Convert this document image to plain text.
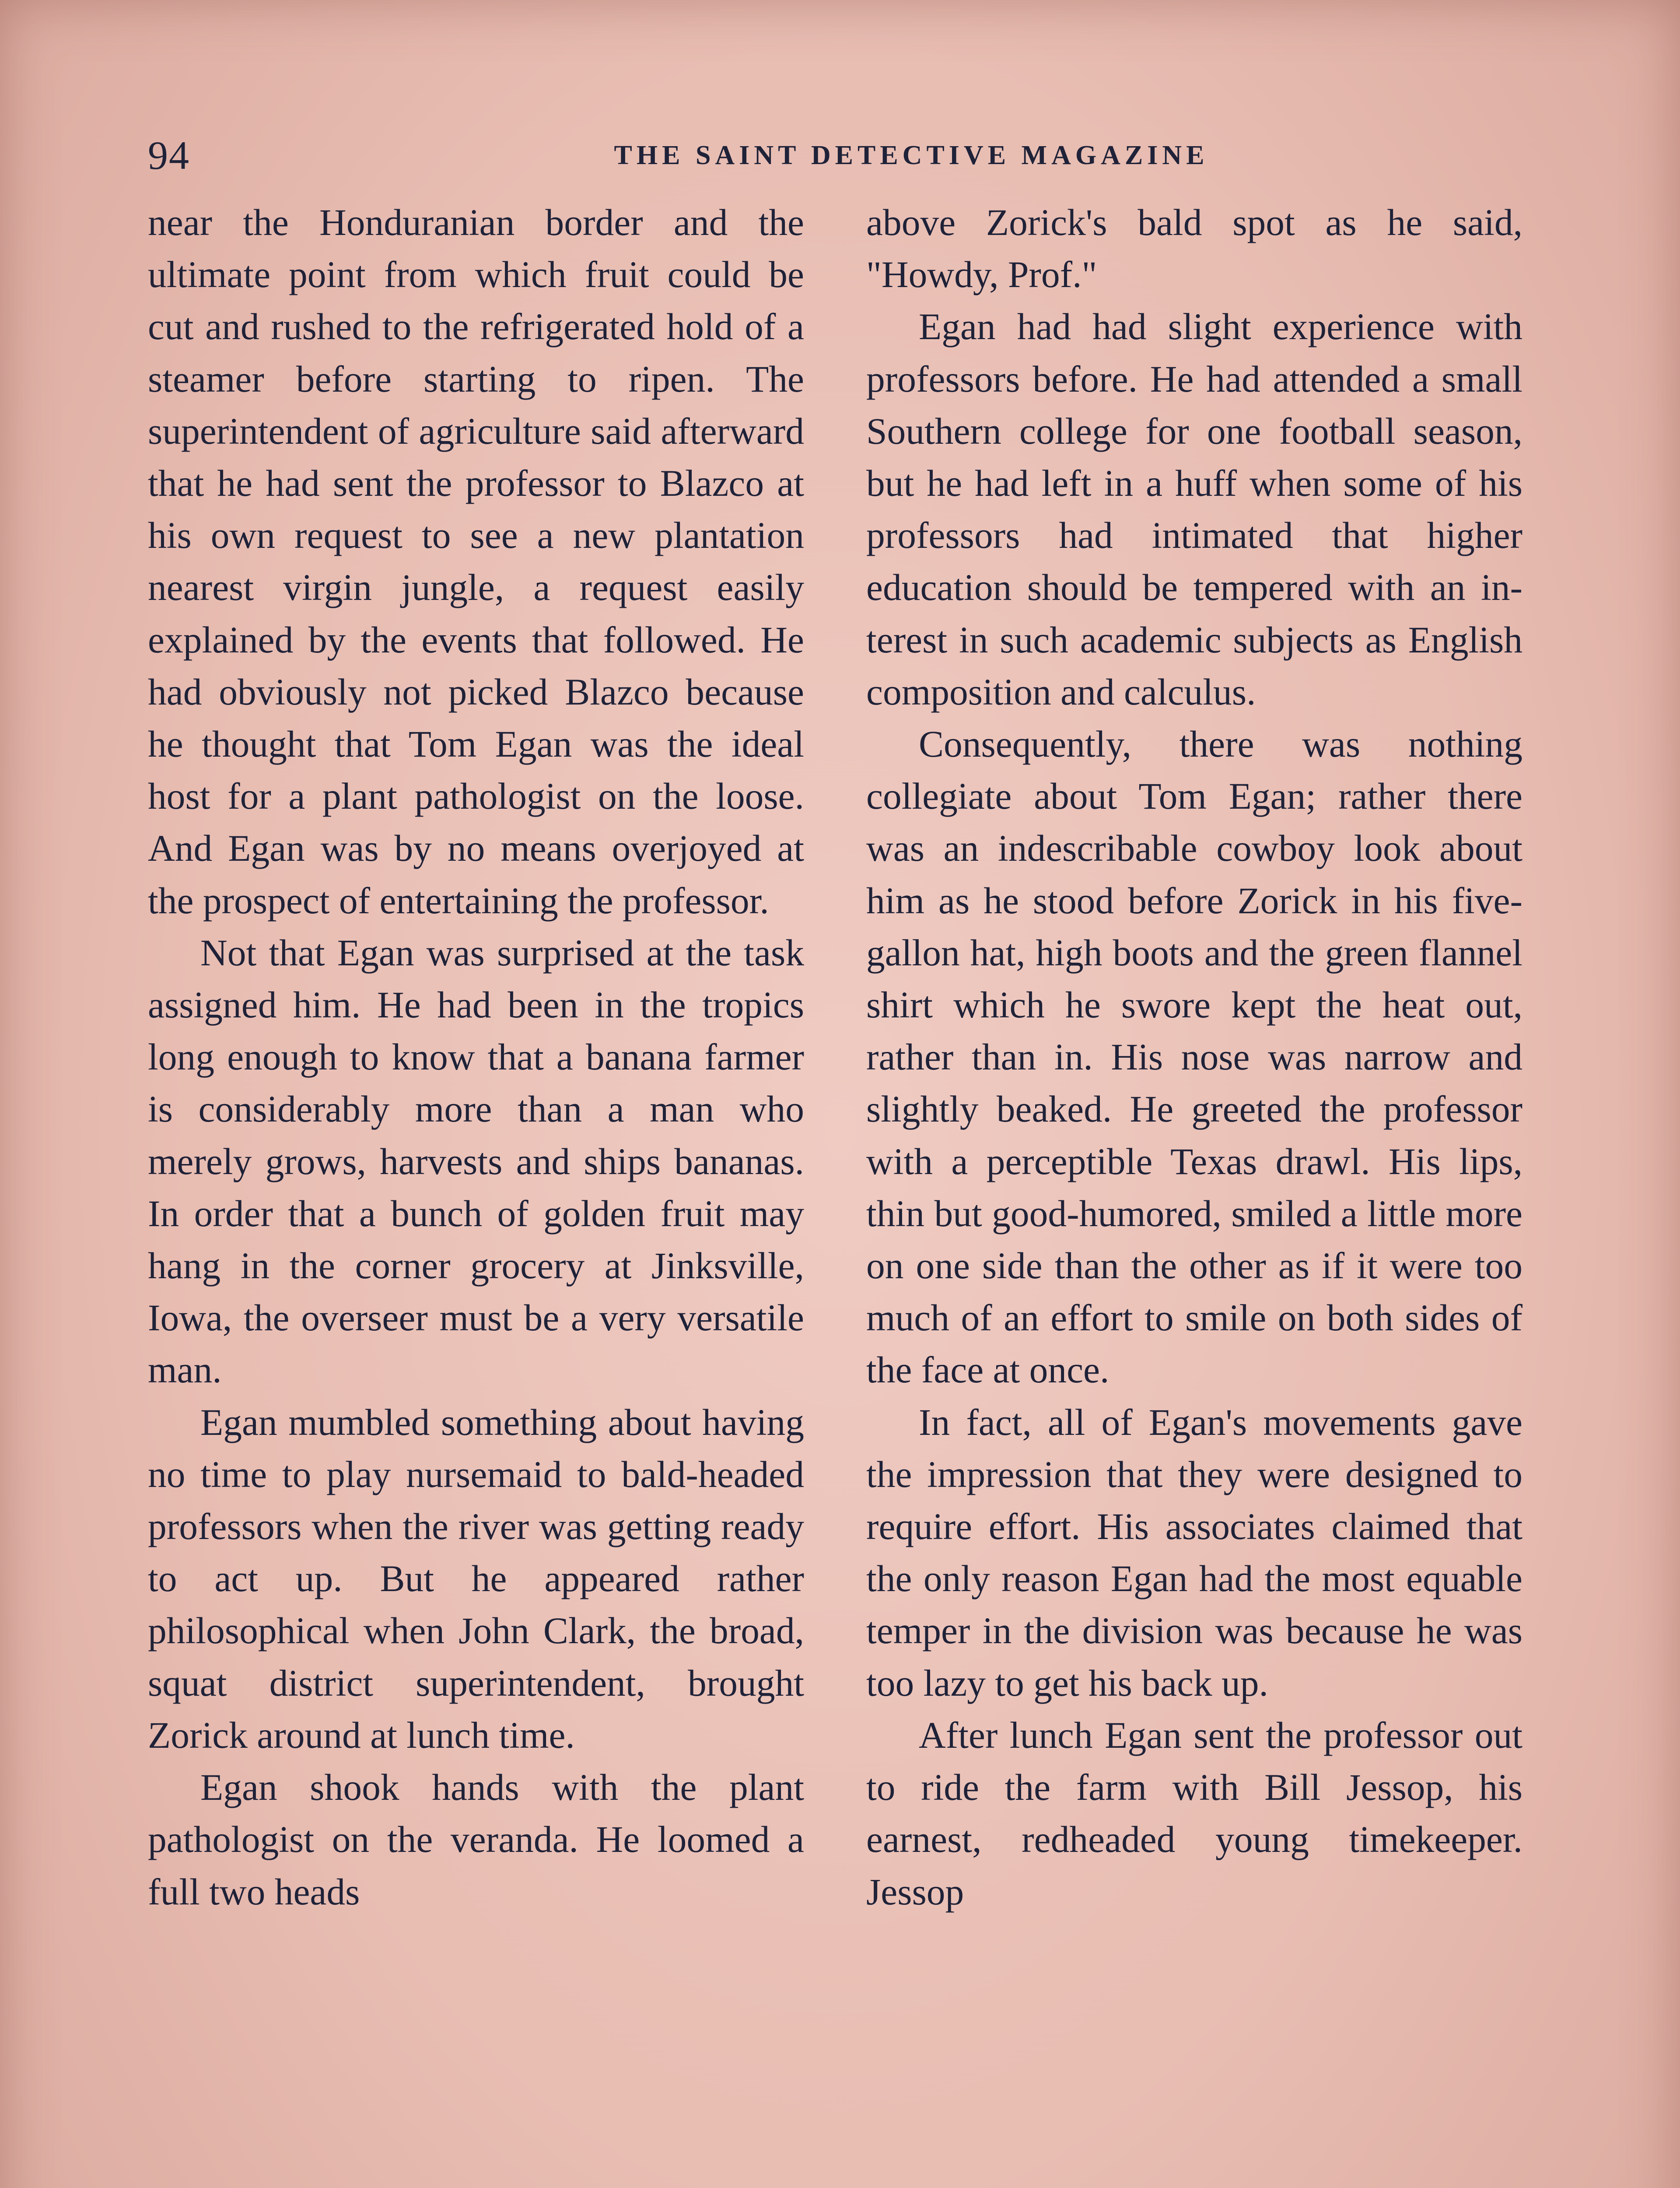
94	THE SAINT DETECTIVE MAGAZINE

near the Honduranian border and the ultimate point from which fruit could be cut and rushed to the refrigerated hold of a steamer before starting to ripen. The superintendent of agriculture said afterward that he had sent the professor to Blazco at his own request to see a new plantation nearest virgin jungle, a request easily explained by the events that followed. He had obviously not picked Blazco because he thought that Tom Egan was the ideal host for a plant pathologist on the loose. And Egan was by no means overjoyed at the prospect of entertaining the professor.

Not that Egan was surprised at the task assigned him. He had been in the tropics long enough to know that a banana farmer is considerably more than a man who merely grows, harvests and ships bananas. In order that a bunch of golden fruit may hang in the corner grocery at Jinksville, Iowa, the overseer must be a very versatile man.

Egan mumbled something about having no time to play nursemaid to bald-headed professors when the river was getting ready to act up. But he appeared rather philosophical when John Clark, the broad, squat district superintendent, brought Zorick around at lunch time.

Egan shook hands with the plant pathologist on the veranda. He loomed a full two heads

above Zorick's bald spot as he said, "Howdy, Prof."

Egan had had slight experience with professors before. He had attended a small Southern college for one football season, but he had left in a huff when some of his professors had intimated that higher education should be tempered with an interest in such academic subjects as English composition and calculus.

Consequently, there was nothing collegiate about Tom Egan; rather there was an indescribable cowboy look about him as he stood before Zorick in his fivegallon hat, high boots and the green flannel shirt which he swore kept the heat out, rather than in. His nose was narrow and slightly beaked. He greeted the professor with a perceptible Texas drawl. His lips, thin but good-humored, smiled a little more on one side than the other as if it were too much of an effort to smile on both sides of the face at once.

In fact, all of Egan's movements gave the impression that they were designed to require effort. His associates claimed that the only reason Egan had the most equable temper in the division was because he was too lazy to get his back up.

After lunch Egan sent the professor out to ride the farm with Bill Jessop, his earnest, redheaded young timekeeper. Jessop
